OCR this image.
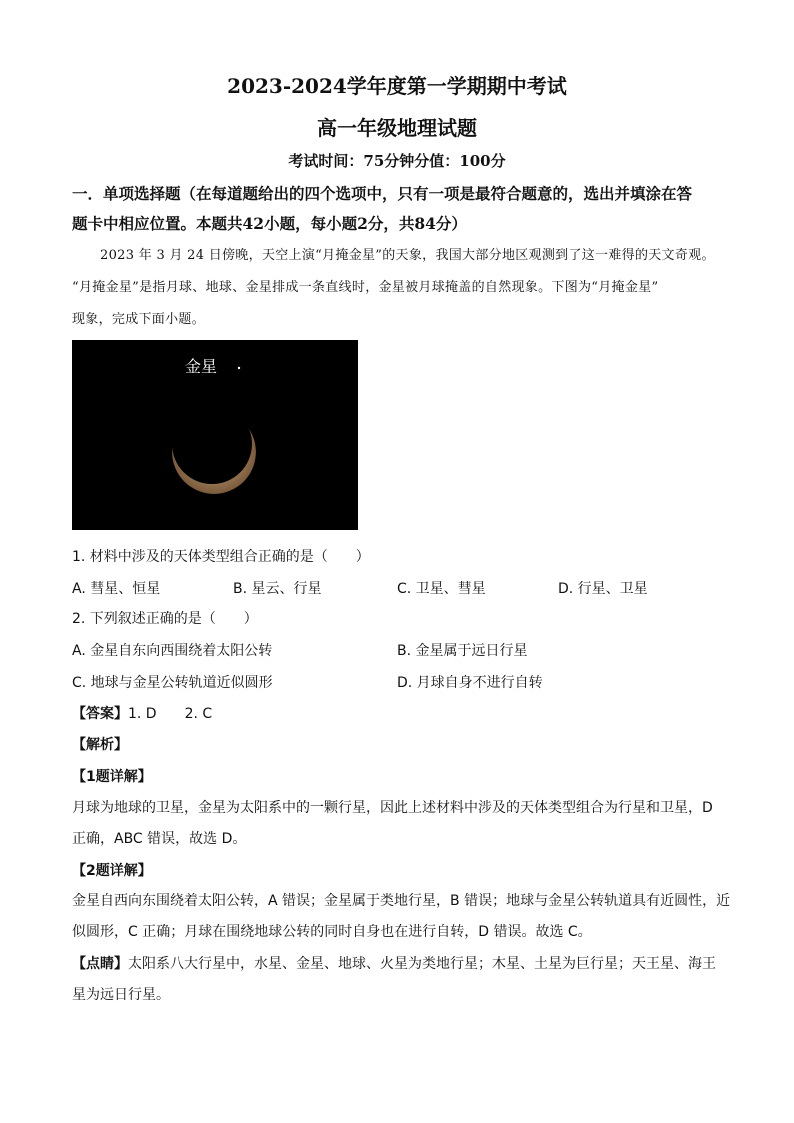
2023-2024学年度第一学期期中考试
高一年级地理试题
考试时间：75分钟分值：100分
一．单项选择题（在每道题给出的四个选项中，只有一项是最符合题意的，选出并填涂在答
题卡中相应位置。本题共42小题，每小题2分，共84分）
2023 年 3 月 24 日傍晚，天空上演“月掩金星”的天象，我国大部分地区观测到了这一难得的天文奇观。
“月掩金星”是指月球、地球、金星排成一条直线时，金星被月球掩盖的自然现象。下图为“月掩金星”
现象，完成下面小题。
金星
1. 材料中涉及的天体类型组合正确的是（　　）
A. 彗星、恒星	B. 星云、行星	C. 卫星、彗星	D. 行星、卫星
2. 下列叙述正确的是（　　）
A. 金星自东向西围绕着太阳公转	B. 金星属于远日行星
C. 地球与金星公转轨道近似圆形	D. 月球自身不进行自转
【答案】1. D　　2. C
【解析】
【1题详解】
月球为地球的卫星，金星为太阳系中的一颗行星，因此上述材料中涉及的天体类型组合为行星和卫星，D
正确，ABC 错误，故选 D。
【2题详解】
金星自西向东围绕着太阳公转，A 错误；金星属于类地行星，B 错误；地球与金星公转轨道具有近圆性，近
似圆形，C 正确；月球在围绕地球公转的同时自身也在进行自转，D 错误。故选 C。
【点睛】太阳系八大行星中，水星、金星、地球、火星为类地行星；木星、土星为巨行星；天王星、海王
星为远日行星。
